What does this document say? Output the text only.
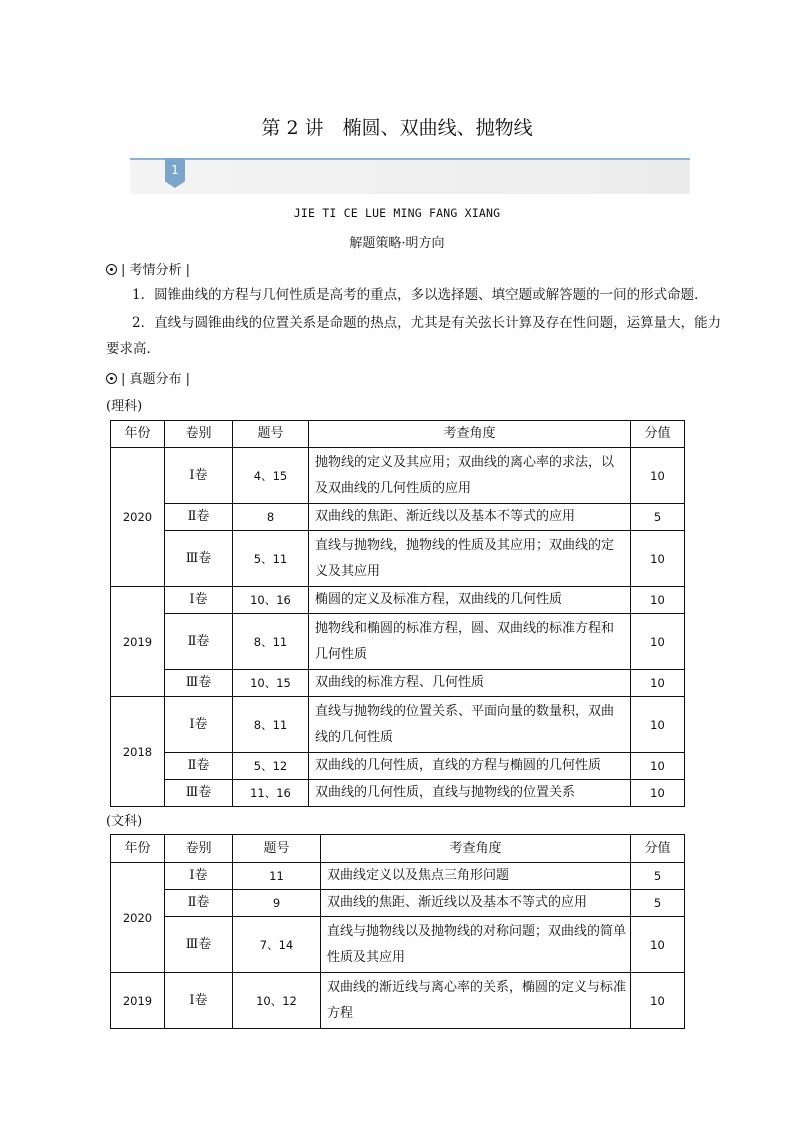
第 2 讲　椭圆、双曲线、抛物线
1
JIE TI CE LUE MING FANG XIANG
解题策略·明方向
| 考情分析 |
1．圆锥曲线的方程与几何性质是高考的重点，多以选择题、填空题或解答题的一问的形式命题．
2．直线与圆锥曲线的位置关系是命题的热点，尤其是有关弦长计算及存在性问题，运算量大，能力要求高．
| 真题分布 |
(理科)
年份	卷别	题号	考查角度	分值
2020	Ⅰ卷	4、15	抛物线的定义及其应用；双曲线的离心率的求法，以及双曲线的几何性质的应用	10
	Ⅱ卷	8	双曲线的焦距、渐近线以及基本不等式的应用	5
	Ⅲ卷	5、11	直线与抛物线，抛物线的性质及其应用；双曲线的定义及其应用	10
2019	Ⅰ卷	10、16	椭圆的定义及标准方程，双曲线的几何性质	10
	Ⅱ卷	8、11	抛物线和椭圆的标准方程，圆、双曲线的标准方程和几何性质	10
	Ⅲ卷	10、15	双曲线的标准方程、几何性质	10
2018	Ⅰ卷	8、11	直线与抛物线的位置关系、平面向量的数量积，双曲线的几何性质	10
	Ⅱ卷	5、12	双曲线的几何性质，直线的方程与椭圆的几何性质	10
	Ⅲ卷	11、16	双曲线的几何性质，直线与抛物线的位置关系	10
(文科)
年份	卷别	题号	考查角度	分值
2020	Ⅰ卷	11	双曲线定义以及焦点三角形问题	5
	Ⅱ卷	9	双曲线的焦距、渐近线以及基本不等式的应用	5
	Ⅲ卷	7、14	直线与抛物线以及抛物线的对称问题；双曲线的简单性质及其应用	10
2019	Ⅰ卷	10、12	双曲线的渐近线与离心率的关系，椭圆的定义与标准方程	10
